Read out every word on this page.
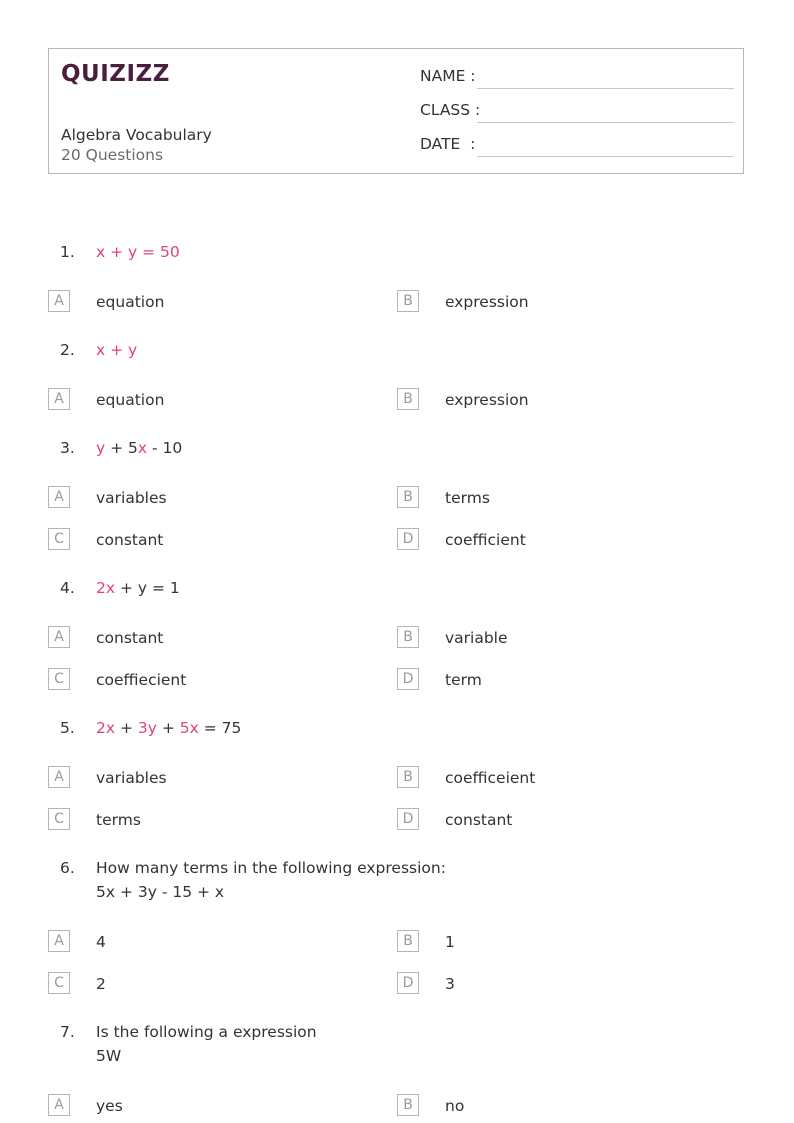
QUIZIZZ
Algebra Vocabulary
20 Questions
NAME :
CLASS :
DATE  :
1.	x + y = 50
A	equation	B	expression
2.	x + y
A	equation	B	expression
3.	y + 5x - 10
A	variables	B	terms
C	constant	D	coefficient
4.	2x + y = 1
A	constant	B	variable
C	coeffiecient	D	term
5.	2x + 3y + 5x = 75
A	variables	B	coefficeient
C	terms	D	constant
6.	How many terms in the following expression:
5x + 3y - 15 + x
A	4	B	1
C	2	D	3
7.	Is the following a expression
5W
A	yes	B	no
